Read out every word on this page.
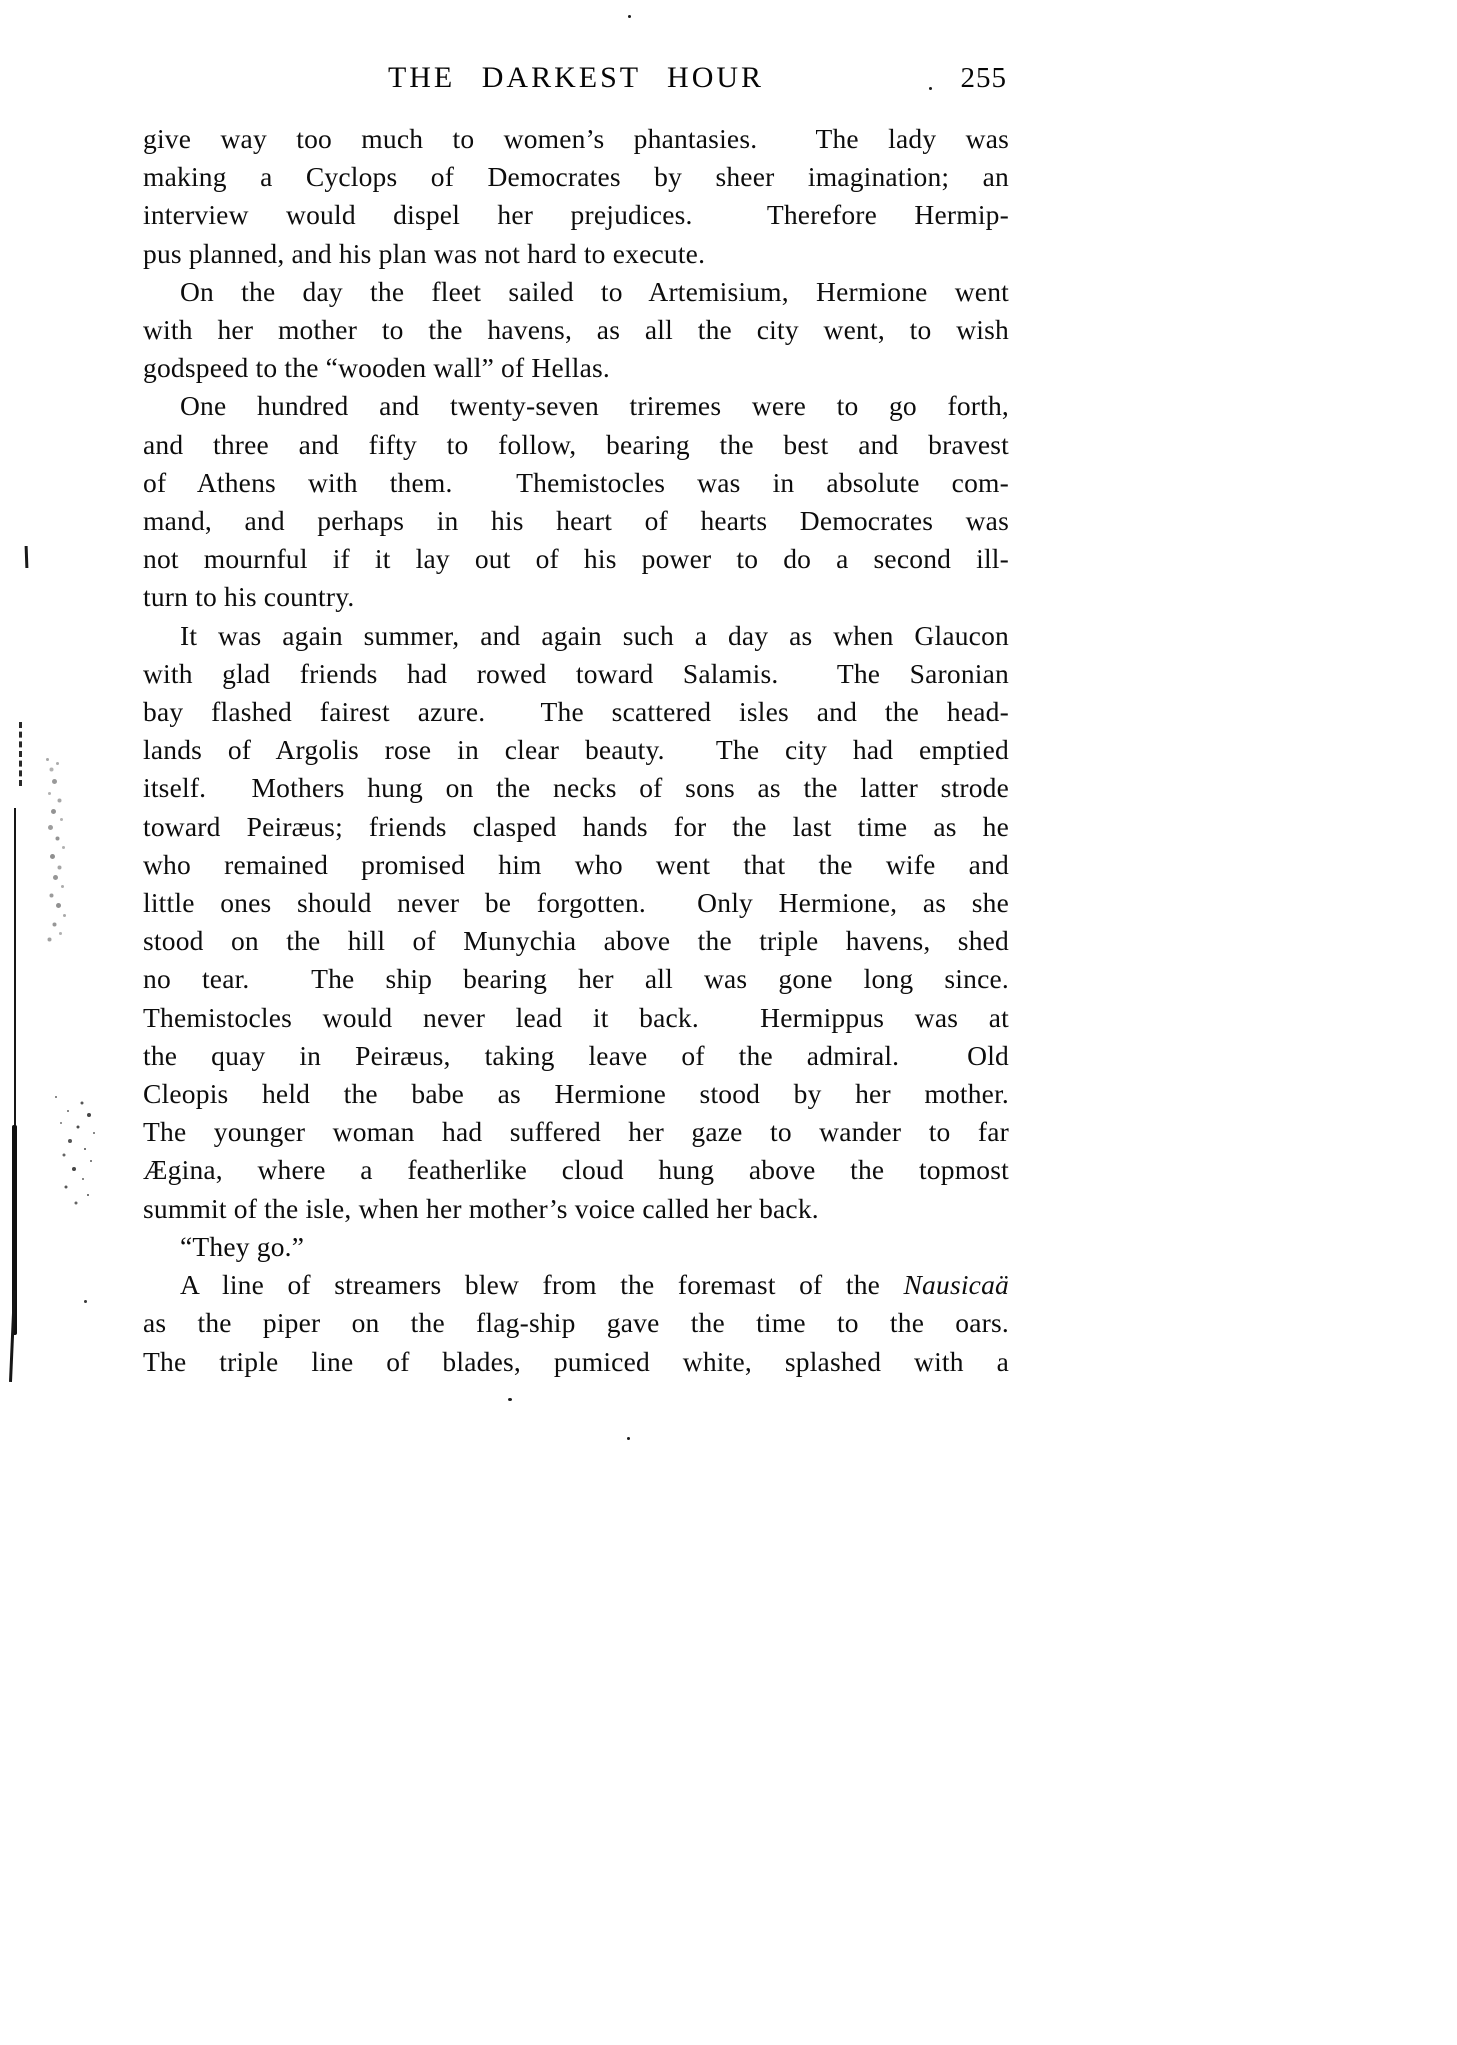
THE DARKEST HOUR	255
give way too much to women’s phantasies.  The lady was
making a Cyclops of Democrates by sheer imagination; an
interview would dispel her prejudices.  Therefore Hermip-
pus planned, and his plan was not hard to execute.
On the day the fleet sailed to Artemisium, Hermione went
with her mother to the havens, as all the city went, to wish
godspeed to the “wooden wall” of Hellas.
One hundred and twenty-seven triremes were to go forth,
and three and fifty to follow, bearing the best and bravest
of Athens with them.  Themistocles was in absolute com-
mand, and perhaps in his heart of hearts Democrates was
not mournful if it lay out of his power to do a second ill-
turn to his country.
It was again summer, and again such a day as when Glaucon
with glad friends had rowed toward Salamis.  The Saronian
bay flashed fairest azure.  The scattered isles and the head-
lands of Argolis rose in clear beauty.  The city had emptied
itself.  Mothers hung on the necks of sons as the latter strode
toward Peiræus; friends clasped hands for the last time as he
who remained promised him who went that the wife and
little ones should never be forgotten.  Only Hermione, as she
stood on the hill of Munychia above the triple havens, shed
no tear.  The ship bearing her all was gone long since.
Themistocles would never lead it back.  Hermippus was at
the quay in Peiræus, taking leave of the admiral.  Old
Cleopis held the babe as Hermione stood by her mother.
The younger woman had suffered her gaze to wander to far
Ægina, where a featherlike cloud hung above the topmost
summit of the isle, when her mother’s voice called her back.
“They go.”
A line of streamers blew from the foremast of the Nausicaä
as the piper on the flag-ship gave the time to the oars.
The triple line of blades, pumiced white, splashed with a
